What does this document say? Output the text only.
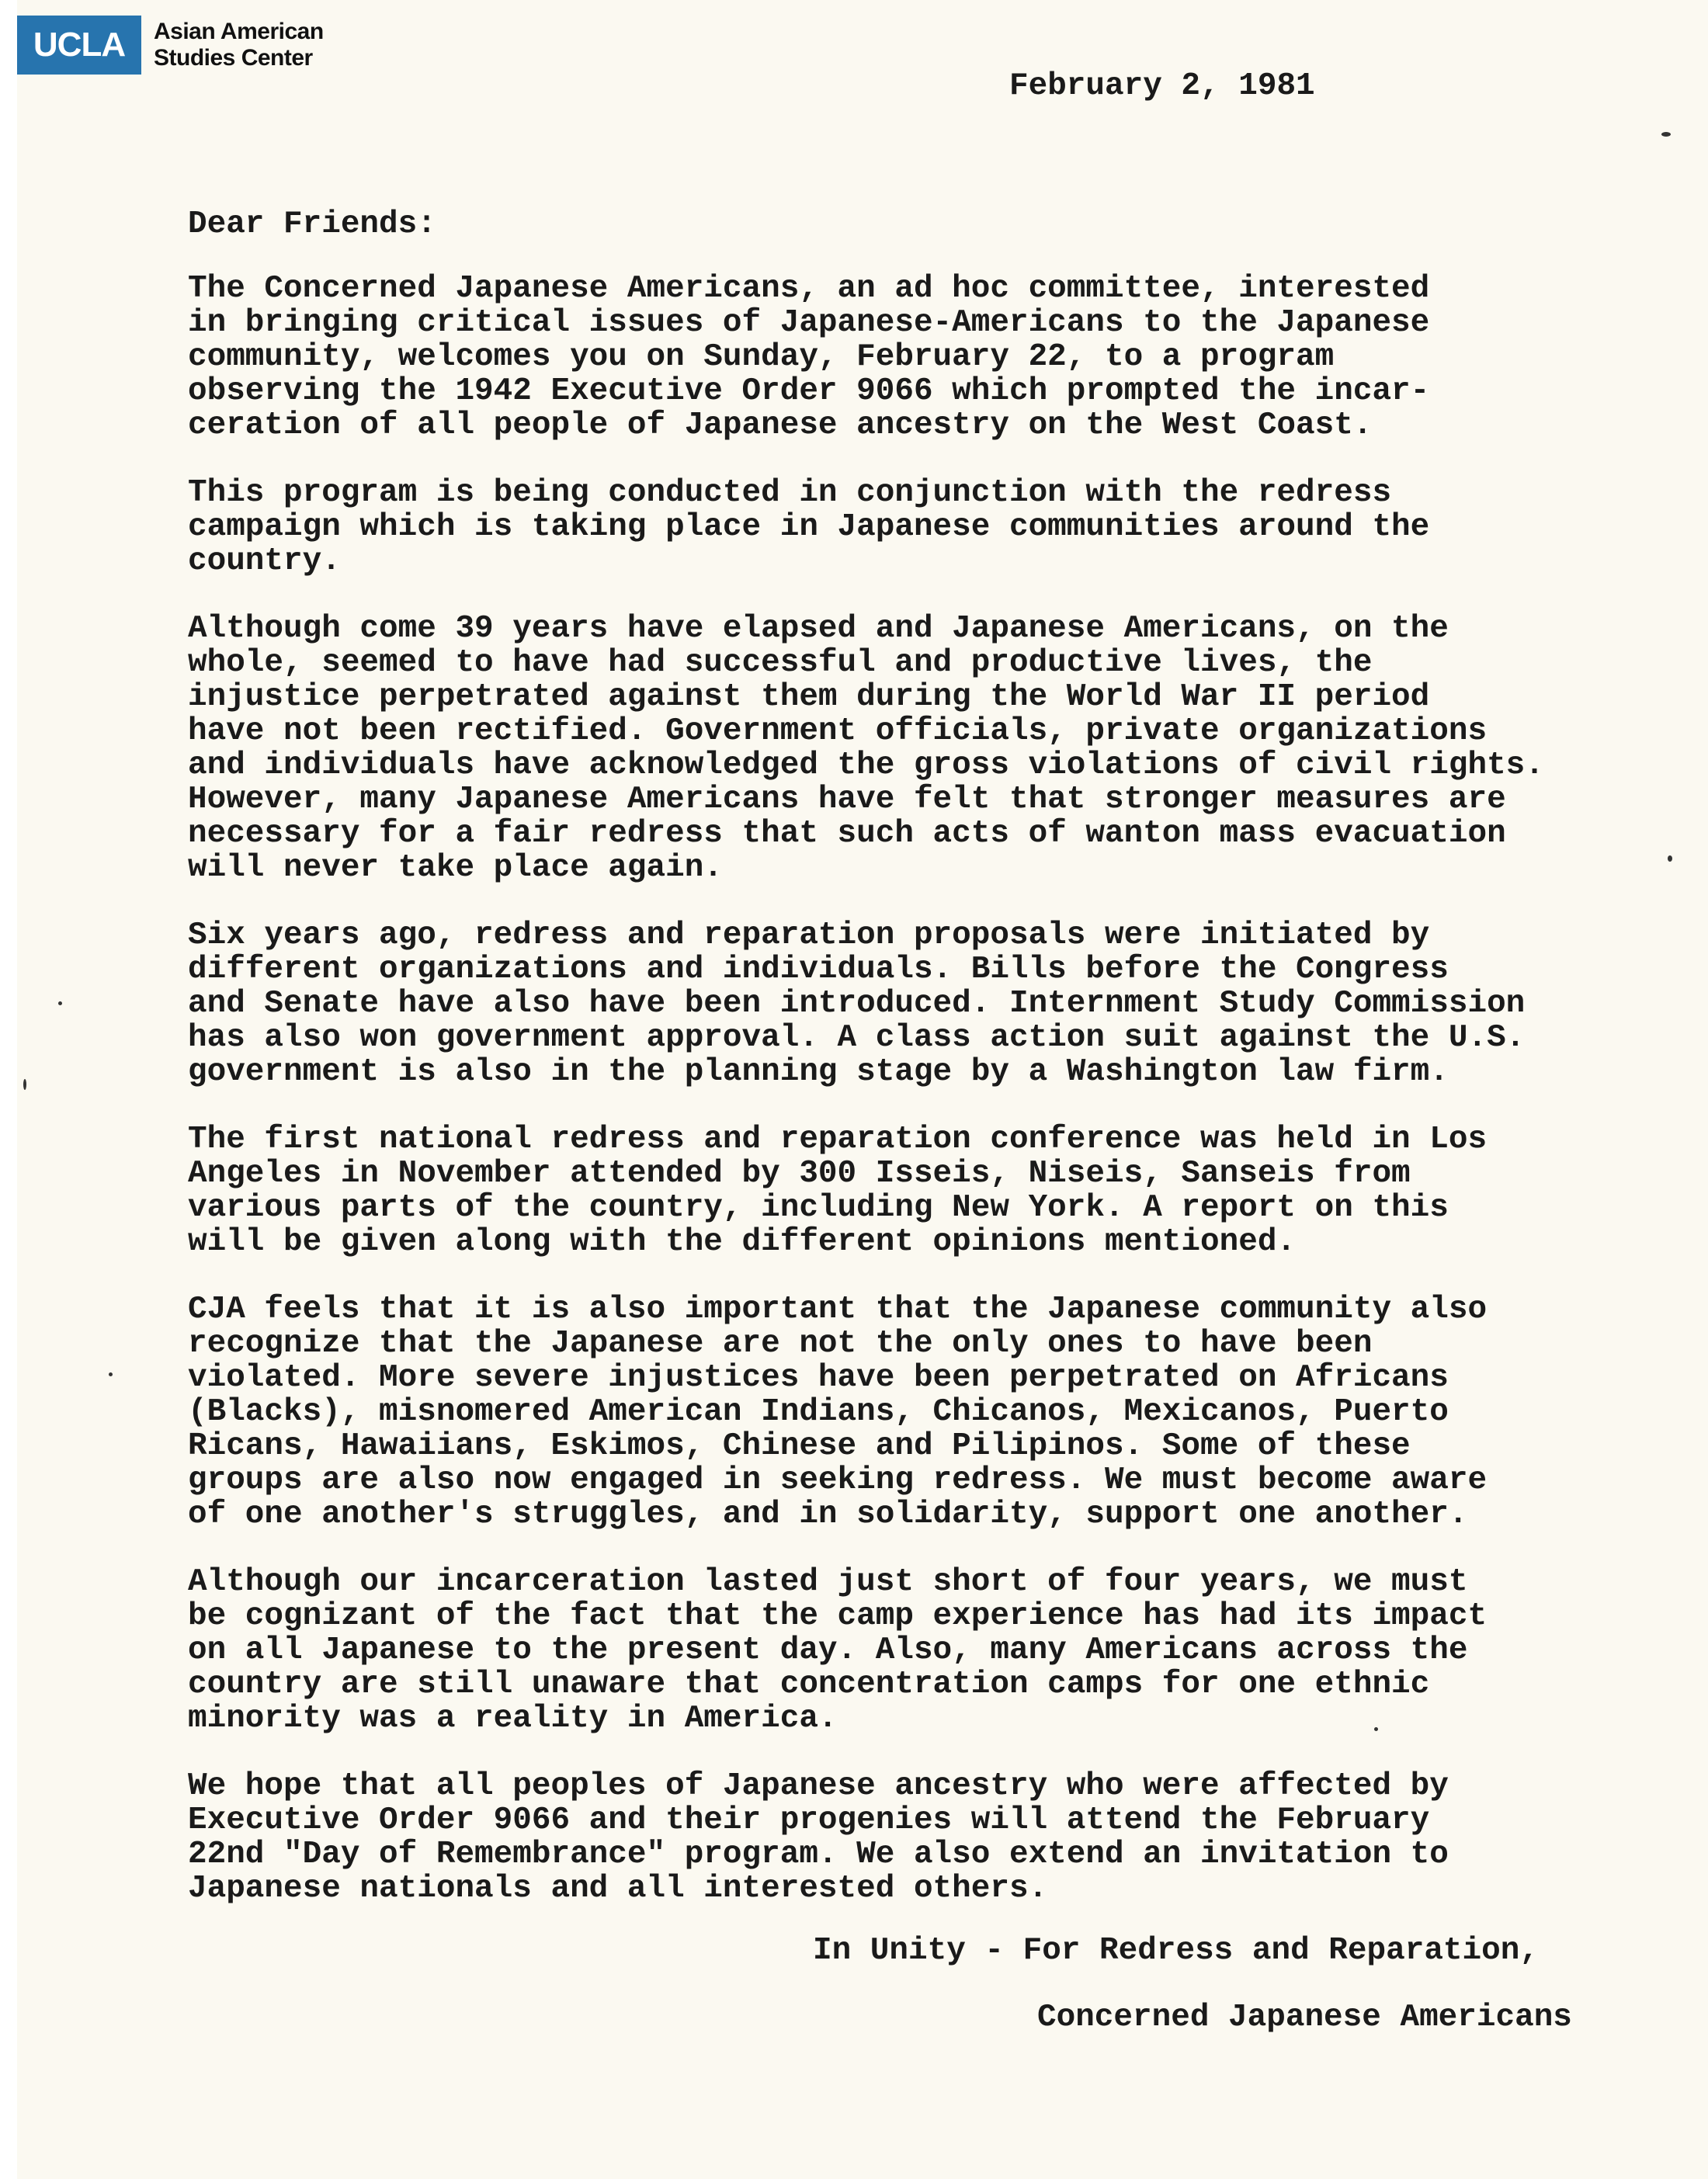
UCLA	Asian American
Studies Center
February 2, 1981
Dear Friends:
The Concerned Japanese Americans, an ad hoc committee, interested
in bringing critical issues of Japanese-Americans to the Japanese
community, welcomes you on Sunday, February 22, to a program
observing the 1942 Executive Order 9066 which prompted the incar-
ceration of all people of Japanese ancestry on the West Coast.
This program is being conducted in conjunction with the redress
campaign which is taking place in Japanese communities around the
country.
Although come 39 years have elapsed and Japanese Americans, on the
whole, seemed to have had successful and productive lives, the
injustice perpetrated against them during the World War II period
have not been rectified. Government officials, private organizations
and individuals have acknowledged the gross violations of civil rights.
However, many Japanese Americans have felt that stronger measures are
necessary for a fair redress that such acts of wanton mass evacuation
will never take place again.
Six years ago, redress and reparation proposals were initiated by
different organizations and individuals. Bills before the Congress
and Senate have also have been introduced. Internment Study Commission
has also won government approval. A class action suit against the U.S.
government is also in the planning stage by a Washington law firm.
The first national redress and reparation conference was held in Los
Angeles in November attended by 300 Isseis, Niseis, Sanseis from
various parts of the country, including New York. A report on this
will be given along with the different opinions mentioned.
CJA feels that it is also important that the Japanese community also
recognize that the Japanese are not the only ones to have been
violated. More severe injustices have been perpetrated on Africans
(Blacks), misnomered American Indians, Chicanos, Mexicanos, Puerto
Ricans, Hawaiians, Eskimos, Chinese and Pilipinos. Some of these
groups are also now engaged in seeking redress. We must become aware
of one another's struggles, and in solidarity, support one another.
Although our incarceration lasted just short of four years, we must
be cognizant of the fact that the camp experience has had its impact
on all Japanese to the present day. Also, many Americans across the
country are still unaware that concentration camps for one ethnic
minority was a reality in America.
We hope that all peoples of Japanese ancestry who were affected by
Executive Order 9066 and their progenies will attend the February
22nd "Day of Remembrance" program. We also extend an invitation to
Japanese nationals and all interested others.
In Unity - For Redress and Reparation,
Concerned Japanese Americans
